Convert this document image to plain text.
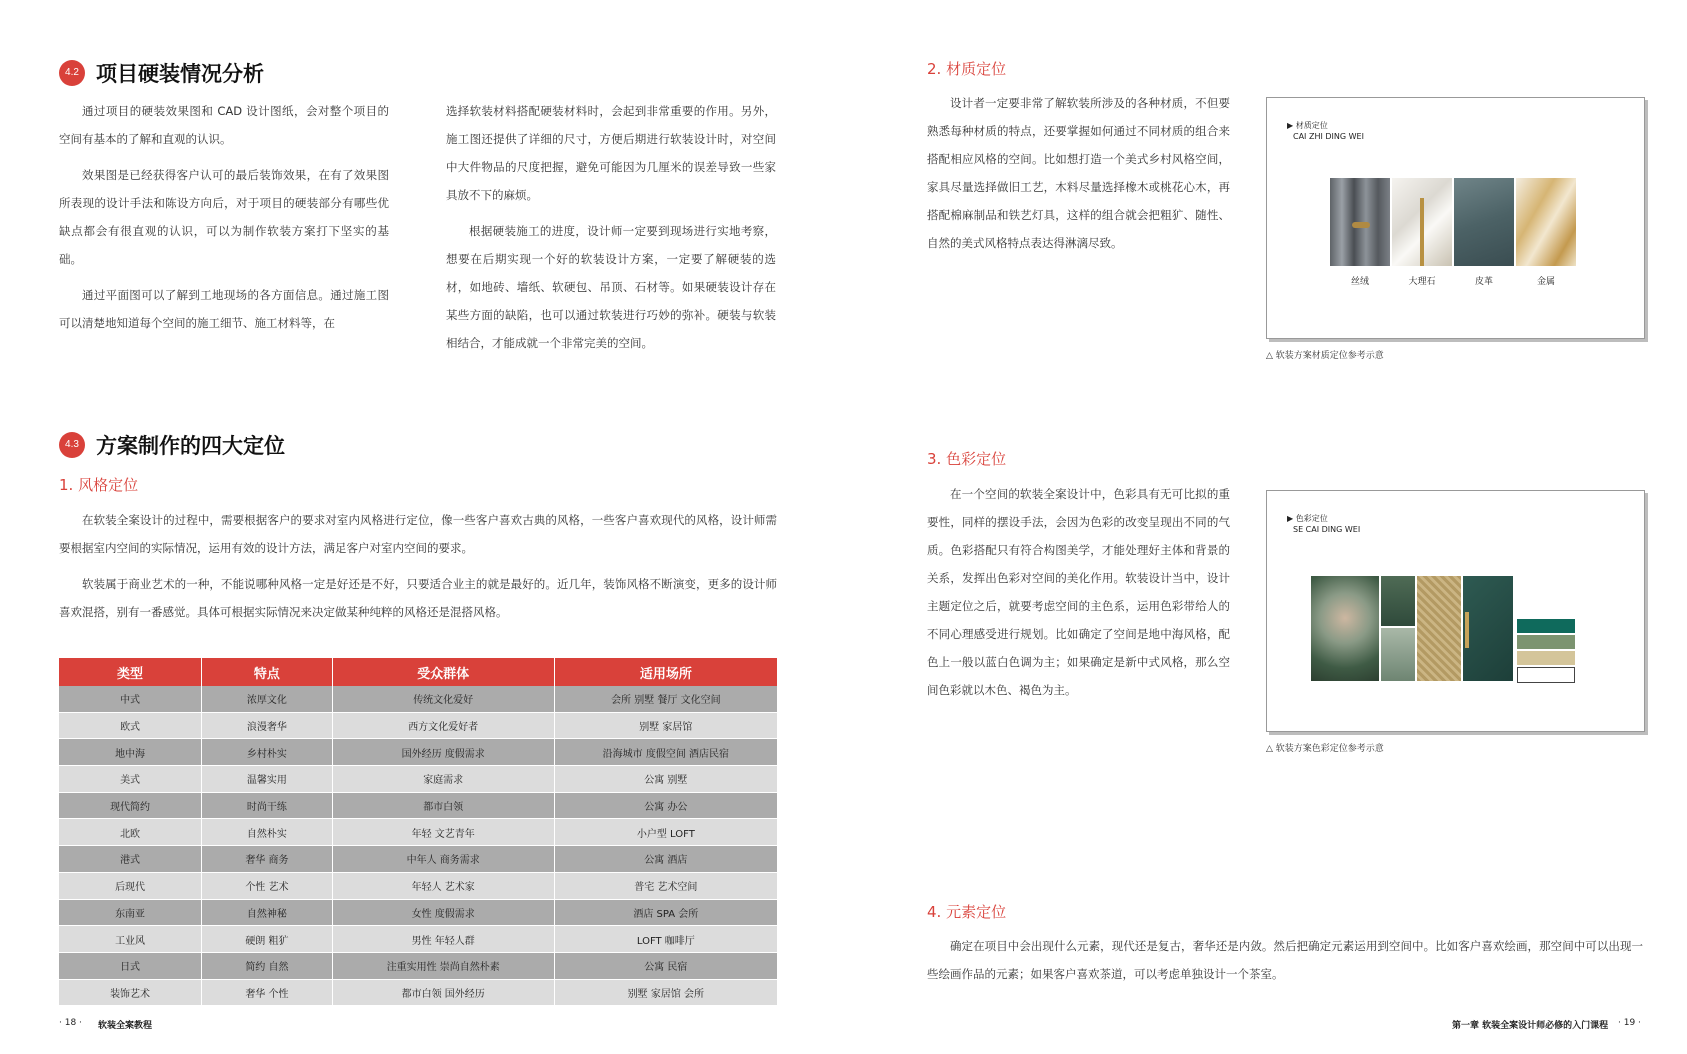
4.2 项目硬装情况分析

通过项目的硬装效果图和 CAD 设计图纸，会对整个项目的空间有基本的了解和直观的认识。

效果图是已经获得客户认可的最后装饰效果，在有了效果图所表现的设计手法和陈设方向后，对于项目的硬装部分有哪些优缺点都会有很直观的认识，可以为制作软装方案打下坚实的基础。

通过平面图可以了解到工地现场的各方面信息。通过施工图可以清楚地知道每个空间的施工细节、施工材料等，在

选择软装材料搭配硬装材料时，会起到非常重要的作用。另外，施工图还提供了详细的尺寸，方便后期进行软装设计时，对空间中大件物品的尺度把握，避免可能因为几厘米的误差导致一些家具放不下的麻烦。

根据硬装施工的进度，设计师一定要到现场进行实地考察，想要在后期实现一个好的软装设计方案，一定要了解硬装的选材，如地砖、墙纸、软硬包、吊顶、石材等。如果硬装设计存在某些方面的缺陷，也可以通过软装进行巧妙的弥补。硬装与软装相结合，才能成就一个非常完美的空间。

4.3 方案制作的四大定位
1. 风格定位

在软装全案设计的过程中，需要根据客户的要求对室内风格进行定位，像一些客户喜欢古典的风格，一些客户喜欢现代的风格，设计师需要根据室内空间的实际情况，运用有效的设计方法，满足客户对室内空间的要求。

软装属于商业艺术的一种，不能说哪种风格一定是好还是不好，只要适合业主的就是最好的。近几年，装饰风格不断演变，更多的设计师喜欢混搭，别有一番感觉。具体可根据实际情况来决定做某种纯粹的风格还是混搭风格。

类型	特点	受众群体	适用场所
中式	浓厚文化	传统文化爱好	会所 别墅 餐厅 文化空间
欧式	浪漫奢华	西方文化爱好者	别墅 家居馆
地中海	乡村朴实	国外经历 度假需求	沿海城市 度假空间 酒店民宿
美式	温馨实用	家庭需求	公寓 别墅
现代简约	时尚干练	都市白领	公寓 办公
北欧	自然朴实	年轻 文艺青年	小户型 LOFT
港式	奢华 商务	中年人 商务需求	公寓 酒店
后现代	个性 艺术	年轻人 艺术家	普宅 艺术空间
东南亚	自然神秘	女性 度假需求	酒店 SPA 会所
工业风	硬朗 粗犷	男性 年轻人群	LOFT 咖啡厅
日式	简约 自然	注重实用性 崇尚自然朴素	公寓 民宿
装饰艺术	奢华 个性	都市白领 国外经历	别墅 家居馆 会所
· 18 · 软装全案教程
2. 材质定位

设计者一定要非常了解软装所涉及的各种材质，不但要熟悉每种材质的特点，还要掌握如何通过不同材质的组合来搭配相应风格的空间。比如想打造一个美式乡村风格空间，家具尽量选择做旧工艺，木料尽量选择橡木或桃花心木，再搭配棉麻制品和铁艺灯具，这样的组合就会把粗犷、随性、自然的美式风格特点表达得淋漓尽致。

▶ 材质定位
CAI ZHI DING WEI
丝绒	大理石	皮革	金属
△ 软装方案材质定位参考示意
3. 色彩定位

在一个空间的软装全案设计中，色彩具有无可比拟的重要性，同样的摆设手法，会因为色彩的改变呈现出不同的气质。色彩搭配只有符合构图美学，才能处理好主体和背景的关系，发挥出色彩对空间的美化作用。软装设计当中，设计主题定位之后，就要考虑空间的主色系，运用色彩带给人的不同心理感受进行规划。比如确定了空间是地中海风格，配色上一般以蓝白色调为主；如果确定是新中式风格，那么空间色彩就以木色、褐色为主。

▶ 色彩定位
SE CAI DING WEI
△ 软装方案色彩定位参考示意
4. 元素定位

确定在项目中会出现什么元素，现代还是复古，奢华还是内敛。然后把确定元素运用到空间中。比如客户喜欢绘画，那空间中可以出现一些绘画作品的元素；如果客户喜欢茶道，可以考虑单独设计一个茶室。

第一章 软装全案设计师必修的入门课程 · 19 ·
